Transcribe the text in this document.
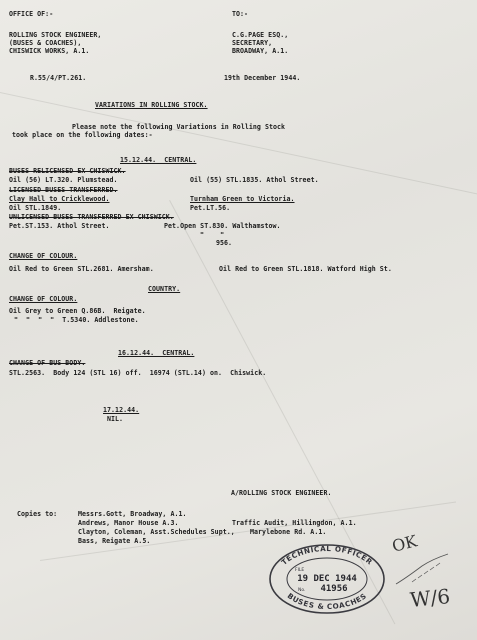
OFFICE OF:-	TO:-
ROLLING STOCK ENGINEER,
(BUSES & COACHES),
CHISWICK WORKS, A.1.
C.G.PAGE ESQ.,
SECRETARY,
BROADWAY, A.1.
R.55/4/PT.261.	19th December 1944.
VARIATIONS IN ROLLING STOCK.
Please note the following Variations in Rolling Stock
took place on the following dates:-
15.12.44.  CENTRAL.
BUSES RELICENSED EX CHISWICK.
Oil (56) LT.320. Plumstead.	Oil (55) STL.1835. Athol Street.
LICENSED BUSES TRANSFERRED.
Clay Hall to Cricklewood.	Turnham Green to Victoria.
Oil STL.1849.	Pet.LT.56.
UNLICENSED BUSES TRANSFERRED EX CHISWICK.
Pet.ST.153. Athol Street.	Pet.Open ST.830. Walthamstow.
"    "
956.
CHANGE OF COLOUR.
Oil Red to Green STL.2681. Amersham.	Oil Red to Green STL.1818. Watford High St.
COUNTRY.
CHANGE OF COLOUR.
Oil Grey to Green Q.86B.  Reigate.
"  "  "  "  T.5340. Addlestone.
16.12.44.  CENTRAL.
CHANGE OF BUS BODY.
STL.2563.  Body 124 (STL 16) off.  16974 (STL.14) on.  Chiswick.
17.12.44.
NIL.
A/ROLLING STOCK ENGINEER.
Copies to:	Messrs.Gott, Broadway, A.1.
Andrews, Manor House A.3.
Clayton, Coleman, Asst.Schedules Supt.,
Bass, Reigate A.5.
Traffic Audit, Hillingdon, A.1.
Marylebone Rd. A.1.
TECHNICAL OFFICER
BUSES & COACHES
FILE
19 DEC 1944
No. 41956
OK
W/6
